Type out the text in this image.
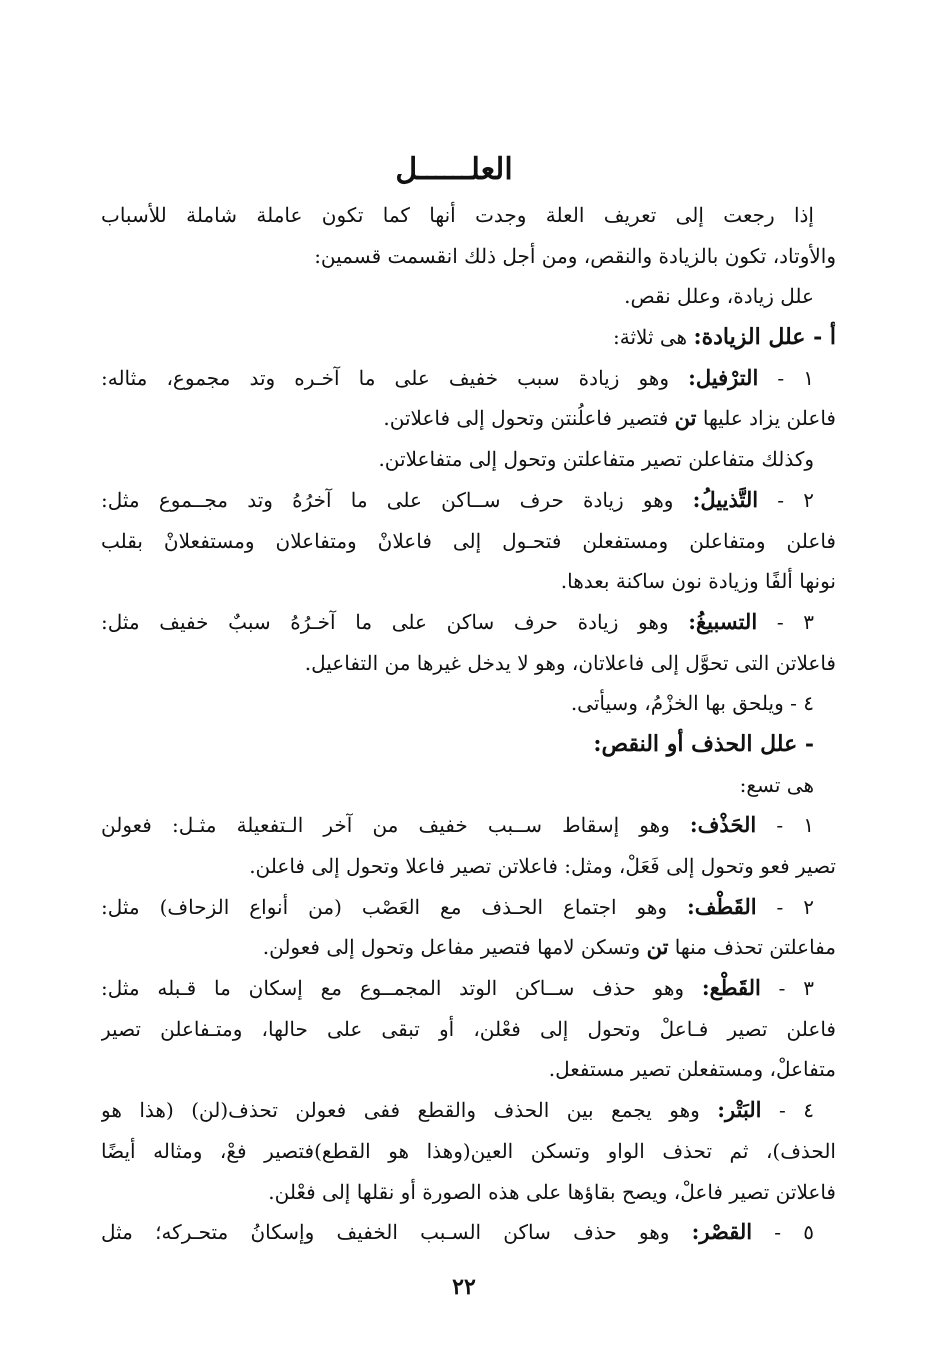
العلــــــل
إذا رجعت إلى تعريف العلة وجدت أنها كما تكون عاملة شاملة للأسباب
والأوتاد، تكون بالزيادة والنقص، ومن أجل ذلك انقسمت قسمين:
علل زيادة، وعلل نقص.
أ - علل الزيادة: هى ثلاثة:
١ - الترْفيل: وهو زيادة سبب خفيف على ما آخـره وتد مجموع، مثاله:
فاعلن يزاد عليها تن فتصير فاعلُنتن وتحول إلى فاعلاتن.
وكذلك متفاعلن تصير متفاعلتن وتحول إلى متفاعلاتن.
٢ - التَّذييلُ: وهو زيادة حرف ســاكن على ما آخرُهُ وتد مجــموع مثل:
فاعلن ومتفاعلن ومستفعلن فتحـول إلى فاعلانْ ومتفاعلان ومستفعلانْ بقلب
نونها ألفًا وزيادة نون ساكنة بعدها.
٣ - التسبيغُ: وهو زيادة حرف ساكن على ما آخـرُهُ سببٌ خفيف مثل:
فاعلاتن التى تحوَّل إلى فاعلاتان، وهو لا يدخل غيرها من التفاعيل.
٤ - ويلحق بها الخزْمُ، وسيأتى.
- علل الحذف أو النقص:
هى تسع:
١ - الحَذْف: وهو إسقاط ســبب خفيف من آخر الـتفعيلة مثـل: فعولن
تصير فعو وتحول إلى فَعَلْ، ومثل: فاعلاتن تصير فاعلا وتحول إلى فاعلن.
٢ - القَطْف: وهو اجتماع الحـذف مع العَصْب (من أنواع الزحاف) مثل:
مفاعلتن تحذف منها تن وتسكن لامها فتصير مفاعل وتحول إلى فعولن.
٣ - القَطْع: وهو حذف ســاكن الوتد المجمــوع مع إسكان ما قـبله مثل:
فاعلن تصير فـاعلْ وتحول إلى فعْلن، أو تبقى على حالها، ومتـفاعلن تصير
متفاعلْ، ومستفعلن تصير مستفعل.
٤ - البَتْر: وهو يجمع بين الحذف والقطع ففى فعولن تحذف(لن) (هذا هو
الحذف)، ثم تحذف الواو وتسكن العين(وهذا هو القطع)فتصير فعْ، ومثاله أيضًا
فاعلاتن تصير فاعلْ، ويصح بقاؤها على هذه الصورة أو نقلها إلى فعْلن.
٥ - القصْر: وهو حذف ساكن السـبب الخفيف وإسكانُ متحـركه؛ مثل
٢٢
